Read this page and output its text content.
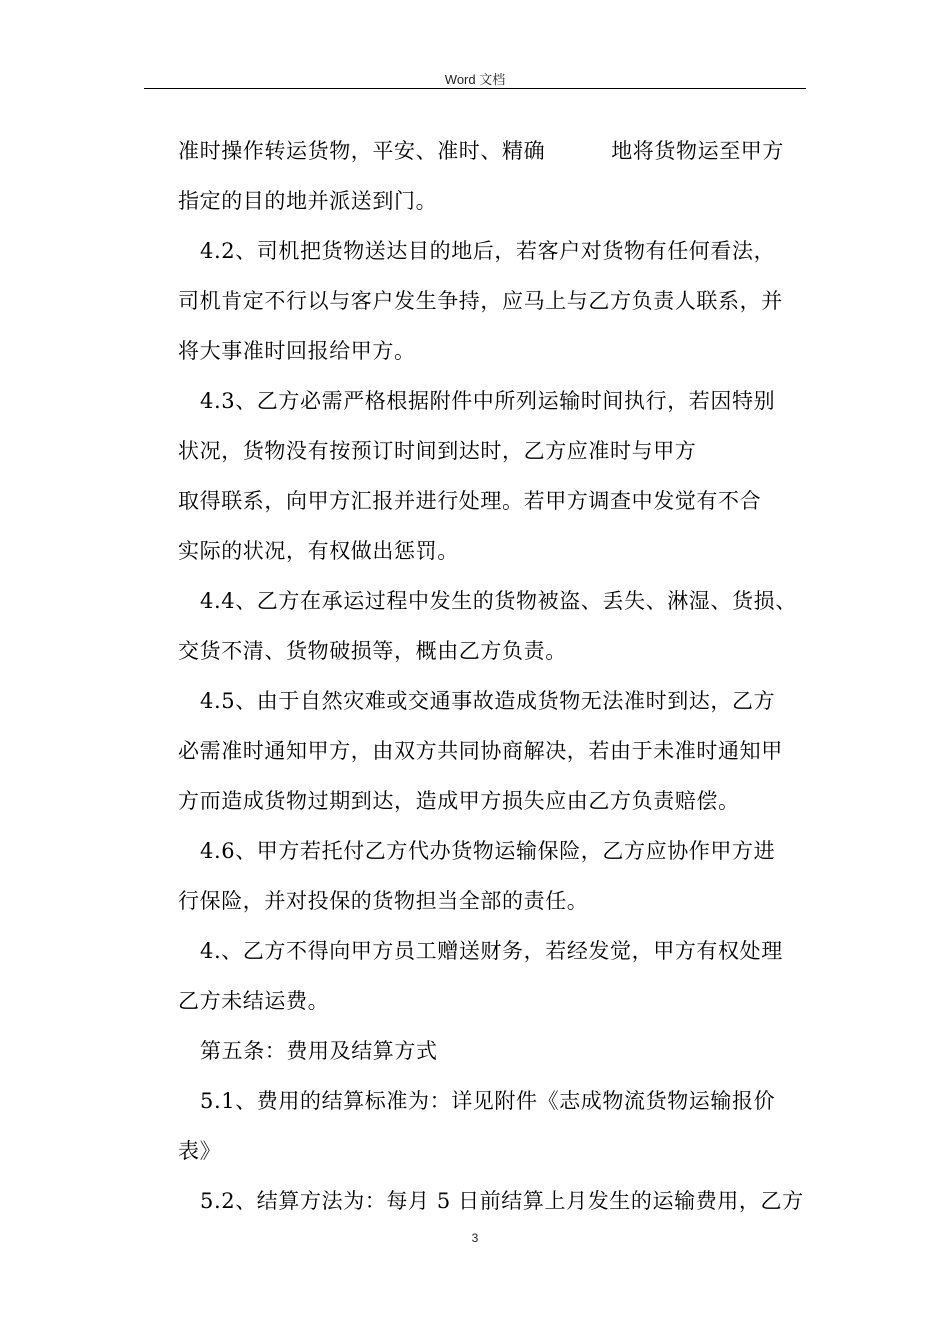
Word 文档
准时操作转运货物，平安、准时、精确	地将货物运至甲方
指定的目的地并派送到门。
4.2、司机把货物送达目的地后，若客户对货物有任何看法，
司机肯定不行以与客户发生争持，应马上与乙方负责人联系，并
将大事准时回报给甲方。
4.3、乙方必需严格根据附件中所列运输时间执行，若因特别
状况，货物没有按预订时间到达时，乙方应准时与甲方
取得联系，向甲方汇报并进行处理。若甲方调查中发觉有不合
实际的状况，有权做出惩罚。
4.4、乙方在承运过程中发生的货物被盗、丢失、淋湿、货损、
交货不清、货物破损等，概由乙方负责。
4.5、由于自然灾难或交通事故造成货物无法准时到达，乙方
必需准时通知甲方，由双方共同协商解决，若由于未准时通知甲
方而造成货物过期到达，造成甲方损失应由乙方负责赔偿。
4.6、甲方若托付乙方代办货物运输保险，乙方应协作甲方进
行保险，并对投保的货物担当全部的责任。
4.、乙方不得向甲方员工赠送财务，若经发觉，甲方有权处理
乙方未结运费。
第五条：费用及结算方式
5.1、费用的结算标准为：详见附件《志成物流货物运输报价
表》
5.2、结算方法为：每月 5 日前结算上月发生的运输费用，乙方
3
